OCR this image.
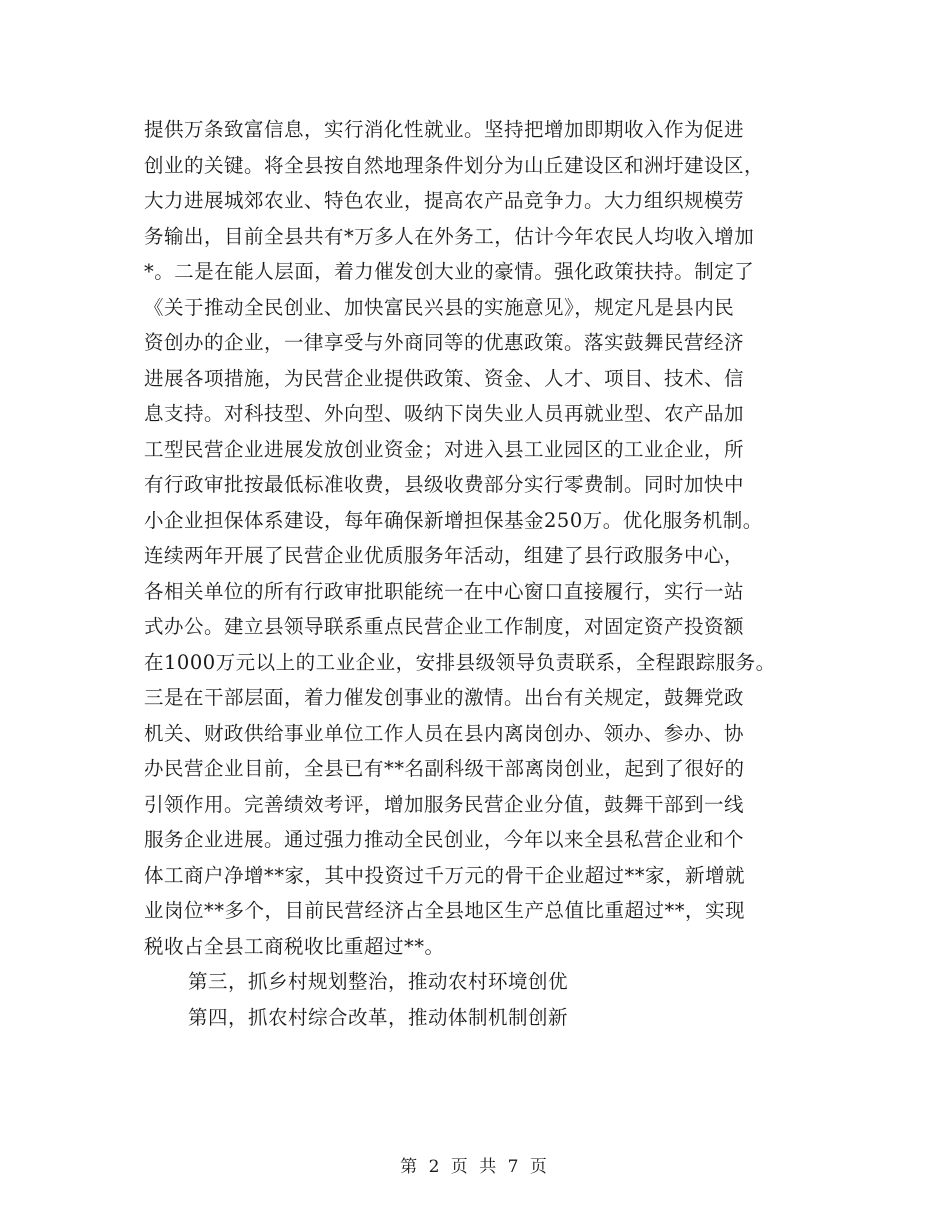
提供万条致富信息，实行消化性就业。坚持把增加即期收入作为促进
创业的关键。将全县按自然地理条件划分为山丘建设区和洲圩建设区，
大力进展城郊农业、特色农业，提高农产品竞争力。大力组织规模劳
务输出，目前全县共有*万多人在外务工，估计今年农民人均收入增加
*。二是在能人层面，着力催发创大业的豪情。强化政策扶持。制定了
《关于推动全民创业、加快富民兴县的实施意见》，规定凡是县内民
资创办的企业，一律享受与外商同等的优惠政策。落实鼓舞民营经济
进展各项措施，为民营企业提供政策、资金、人才、项目、技术、信
息支持。对科技型、外向型、吸纳下岗失业人员再就业型、农产品加
工型民营企业进展发放创业资金；对进入县工业园区的工业企业，所
有行政审批按最低标准收费，县级收费部分实行零费制。同时加快中
小企业担保体系建设，每年确保新增担保基金250万。优化服务机制。
连续两年开展了民营企业优质服务年活动，组建了县行政服务中心，
各相关单位的所有行政审批职能统一在中心窗口直接履行，实行一站
式办公。建立县领导联系重点民营企业工作制度，对固定资产投资额
在1000万元以上的工业企业，安排县级领导负责联系，全程跟踪服务。
三是在干部层面，着力催发创事业的激情。出台有关规定，鼓舞党政
机关、财政供给事业单位工作人员在县内离岗创办、领办、参办、协
办民营企业目前，全县已有**名副科级干部离岗创业，起到了很好的
引领作用。完善绩效考评，增加服务民营企业分值，鼓舞干部到一线
服务企业进展。通过强力推动全民创业，今年以来全县私营企业和个
体工商户净增**家，其中投资过千万元的骨干企业超过**家，新增就
业岗位**多个，目前民营经济占全县地区生产总值比重超过**，实现
税收占全县工商税收比重超过**。
第三，抓乡村规划整治，推动农村环境创优
第四，抓农村综合改革，推动体制机制创新
第 2 页 共 7 页
